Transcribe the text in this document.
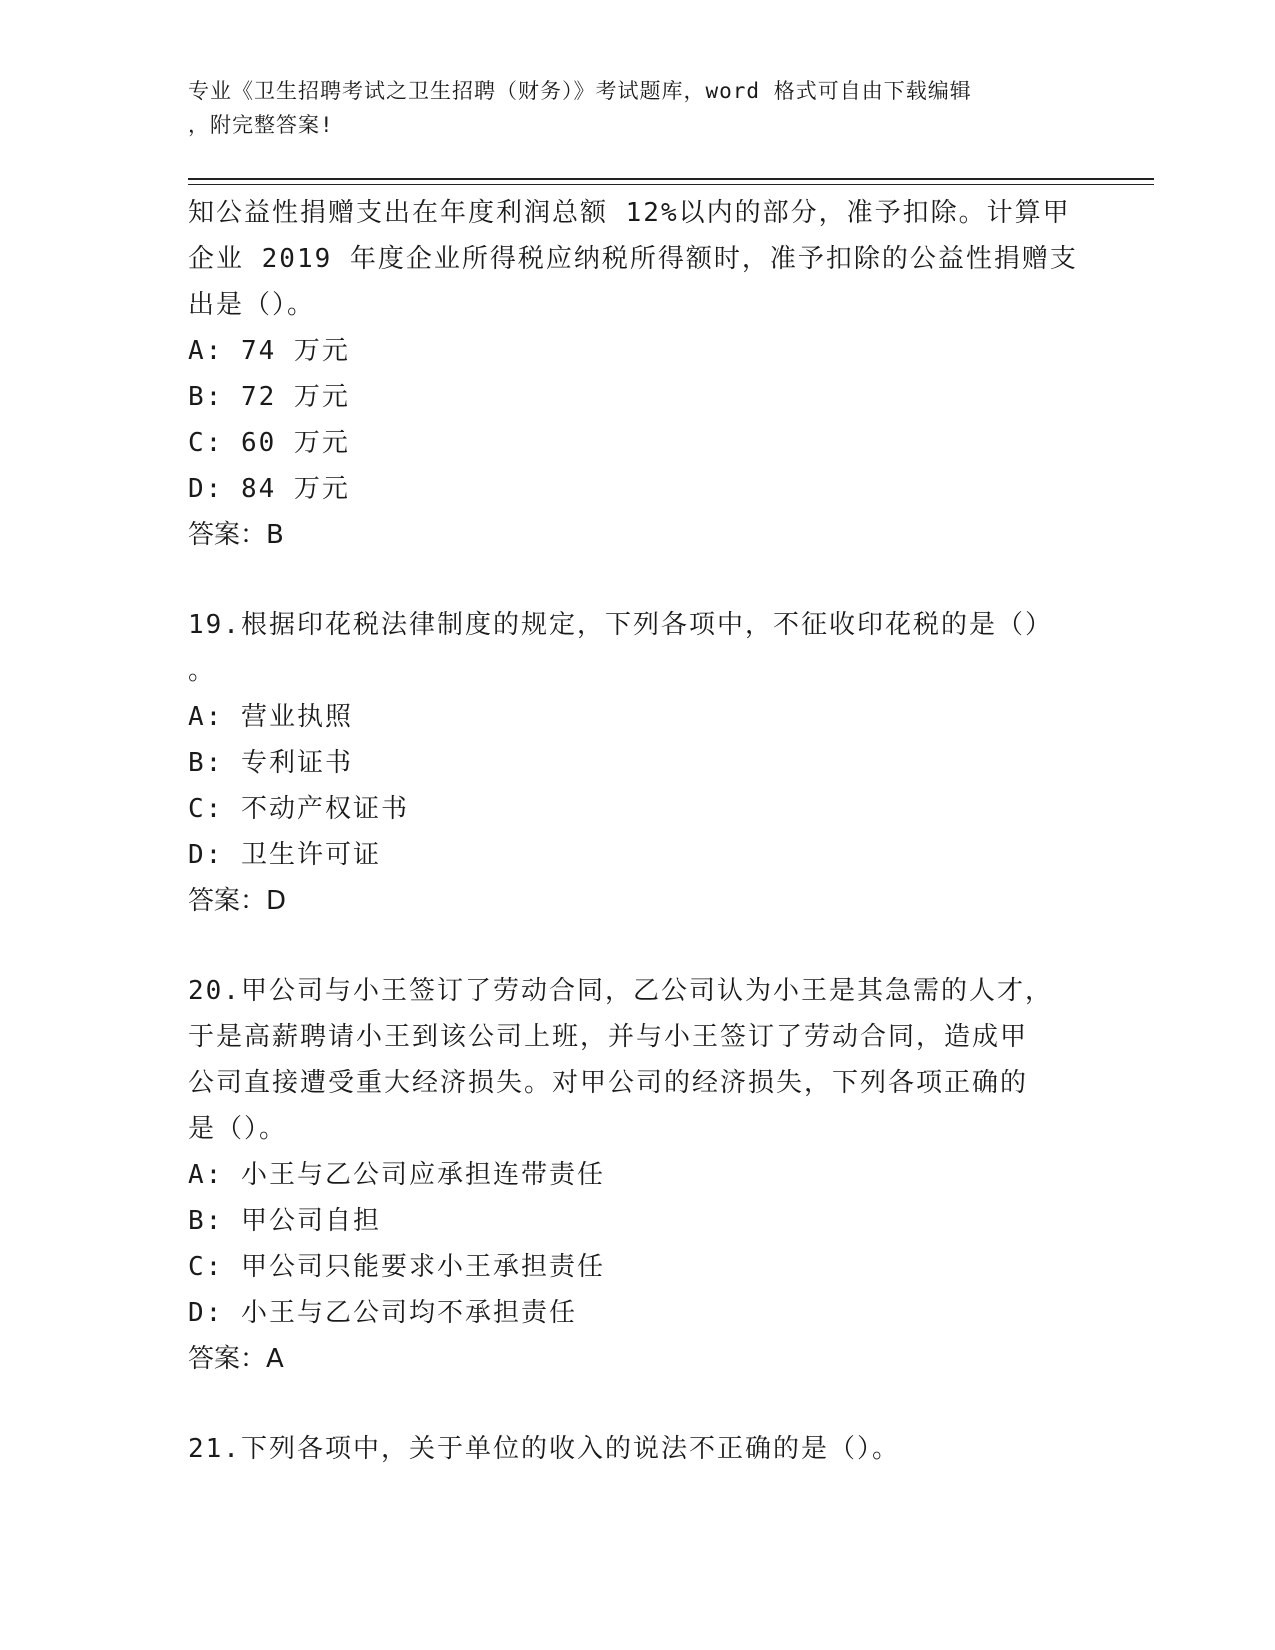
专业《卫生招聘考试之卫生招聘（财务）》考试题库，word 格式可自由下载编辑
，附完整答案!

知公益性捐赠支出在年度利润总额 12%以内的部分，准予扣除。计算甲

企业 2019 年度企业所得税应纳税所得额时，准予扣除的公益性捐赠支

出是（）。

A: 74 万元

B: 72 万元

C: 60 万元

D: 84 万元

答案：B

19.根据印花税法律制度的规定，下列各项中，不征收印花税的是（）

。

A: 营业执照

B: 专利证书

C: 不动产权证书

D: 卫生许可证

答案：D

20.甲公司与小王签订了劳动合同，乙公司认为小王是其急需的人才，

于是高薪聘请小王到该公司上班，并与小王签订了劳动合同，造成甲

公司直接遭受重大经济损失。对甲公司的经济损失，下列各项正确的

是（）。

A: 小王与乙公司应承担连带责任

B: 甲公司自担

C: 甲公司只能要求小王承担责任

D: 小王与乙公司均不承担责任

答案：A

21.下列各项中，关于单位的收入的说法不正确的是（）。
